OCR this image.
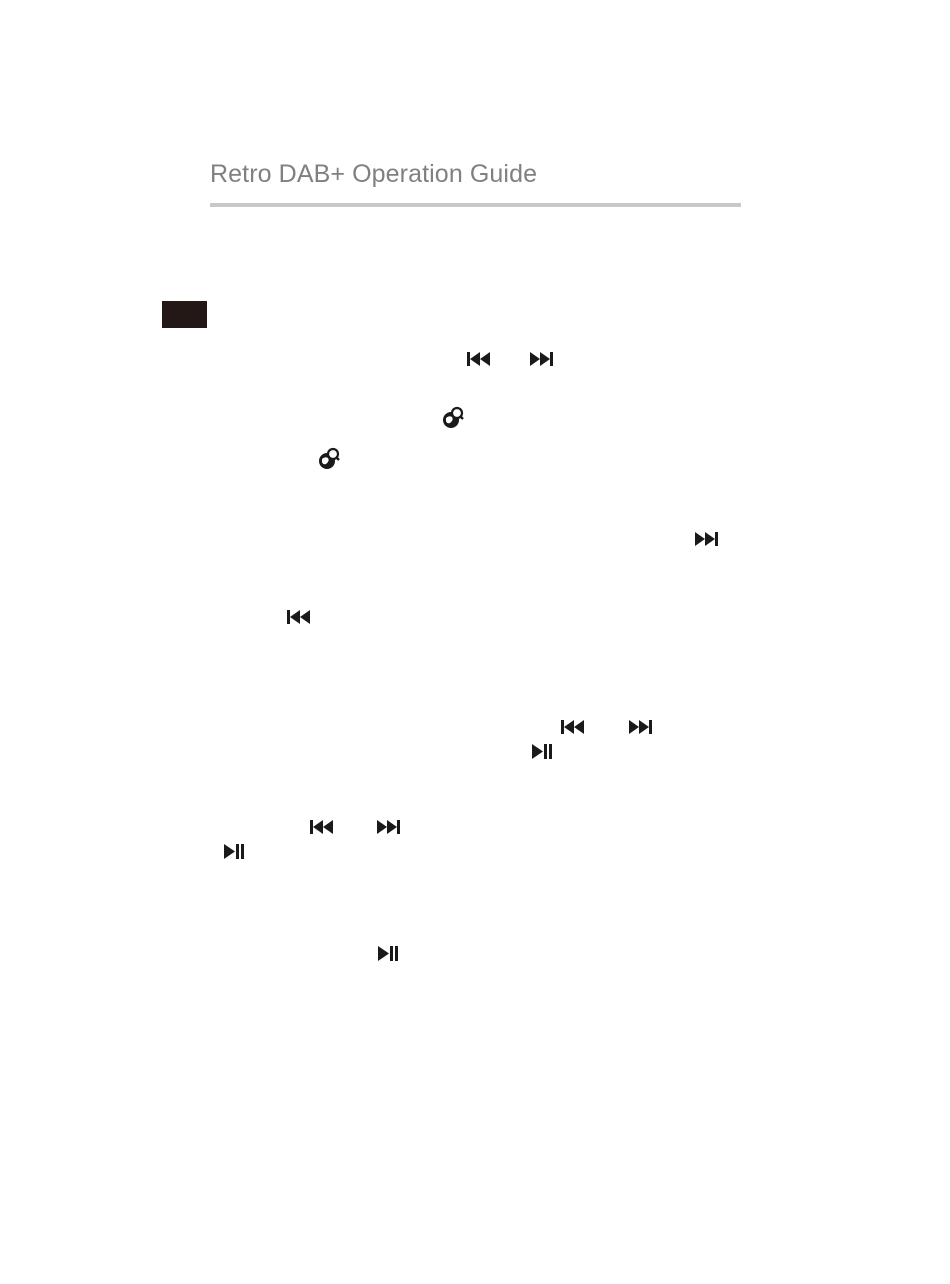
Retro DAB+ Operation Guide
